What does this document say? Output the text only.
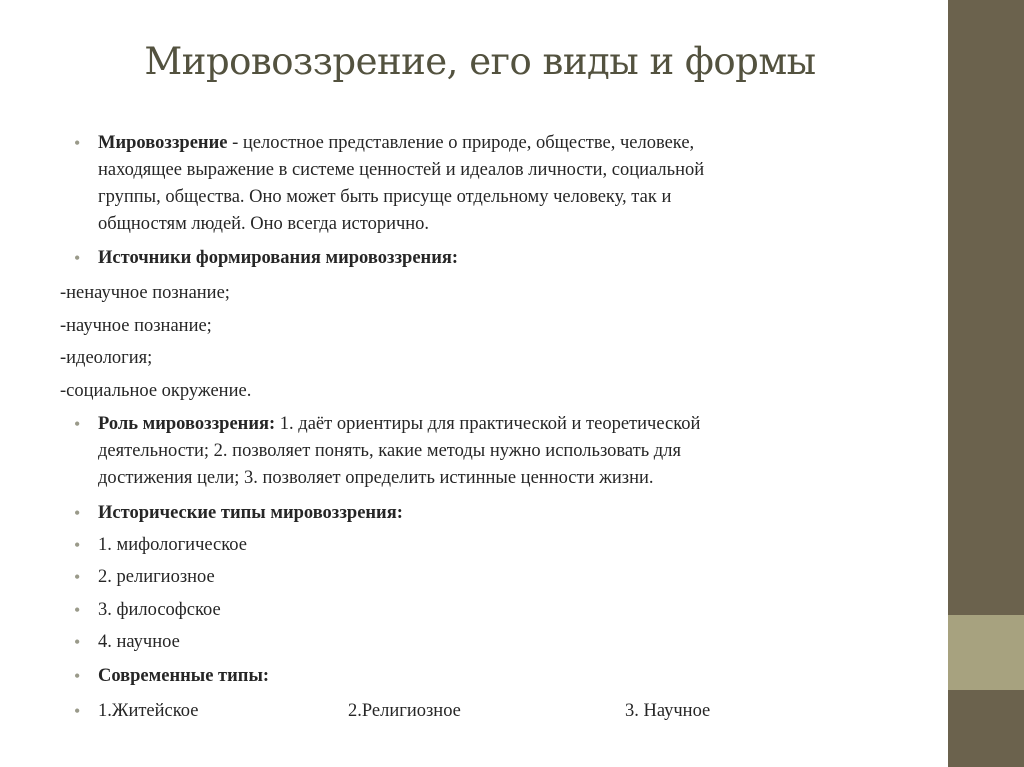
Мировоззрение, его виды и формы
• Мировоззрение - целостное представление о природе, обществе, человеке,
находящее выражение в системе ценностей и идеалов личности, социальной
группы, общества. Оно может быть присуще отдельному человеку, так и
общностям людей. Оно всегда исторично.
• Источники формирования мировоззрения:
-ненаучное познание;
-научное познание;
-идеология;
-социальное окружение.
• Роль мировоззрения: 1. даёт ориентиры для практической и теоретической
деятельности; 2. позволяет понять, какие методы нужно использовать для
достижения цели; 3. позволяет определить истинные ценности жизни.
• Исторические типы мировоззрения:
• 1. мифологическое
• 2. религиозное
• 3. философское
• 4. научное
• Современные типы:
• 1.Житейское	2.Религиозное	3. Научное
